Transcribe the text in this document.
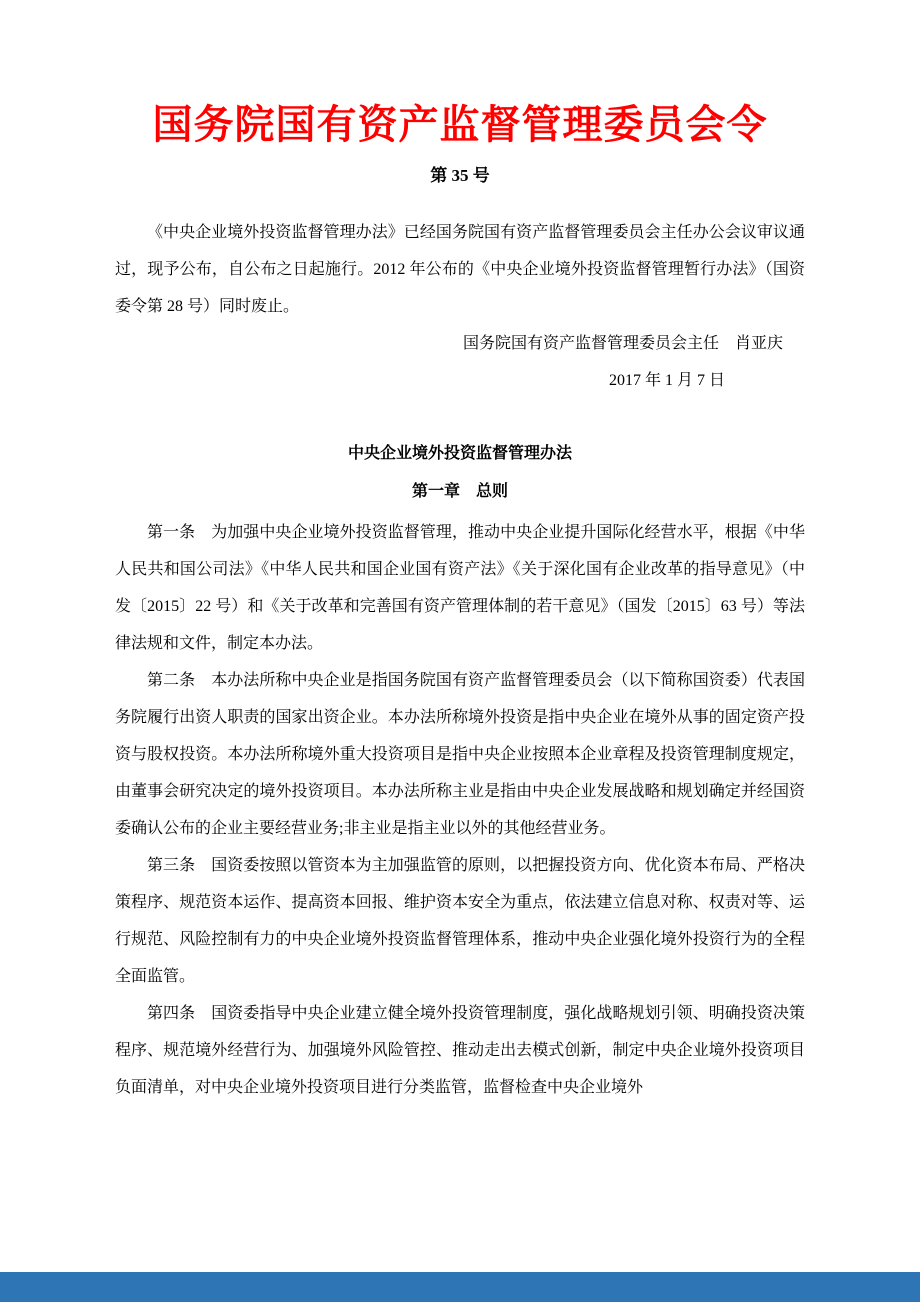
国务院国有资产监督管理委员会令
第 35 号

《中央企业境外投资监督管理办法》已经国务院国有资产监督管理委员会主任办公会议审议通过，现予公布，自公布之日起施行。2012 年公布的《中央企业境外投资监督管理暂行办法》（国资委令第 28 号）同时废止。

国务院国有资产监督管理委员会主任　肖亚庆

2017 年 1 月 7 日

中央企业境外投资监督管理办法
第一章　总则

第一条　为加强中央企业境外投资监督管理，推动中央企业提升国际化经营水平，根据《中华人民共和国公司法》《中华人民共和国企业国有资产法》《关于深化国有企业改革的指导意见》（中发〔2015〕22 号）和《关于改革和完善国有资产管理体制的若干意见》（国发〔2015〕63 号）等法律法规和文件，制定本办法。

第二条　本办法所称中央企业是指国务院国有资产监督管理委员会（以下简称国资委）代表国务院履行出资人职责的国家出资企业。本办法所称境外投资是指中央企业在境外从事的固定资产投资与股权投资。本办法所称境外重大投资项目是指中央企业按照本企业章程及投资管理制度规定，由董事会研究决定的境外投资项目。本办法所称主业是指由中央企业发展战略和规划确定并经国资委确认公布的企业主要经营业务;非主业是指主业以外的其他经营业务。

第三条　国资委按照以管资本为主加强监管的原则，以把握投资方向、优化资本布局、严格决策程序、规范资本运作、提高资本回报、维护资本安全为重点，依法建立信息对称、权责对等、运行规范、风险控制有力的中央企业境外投资监督管理体系，推动中央企业强化境外投资行为的全程全面监管。

第四条　国资委指导中央企业建立健全境外投资管理制度，强化战略规划引领、明确投资决策程序、规范境外经营行为、加强境外风险管控、推动走出去模式创新，制定中央企业境外投资项目负面清单，对中央企业境外投资项目进行分类监管，监督检查中央企业境外
